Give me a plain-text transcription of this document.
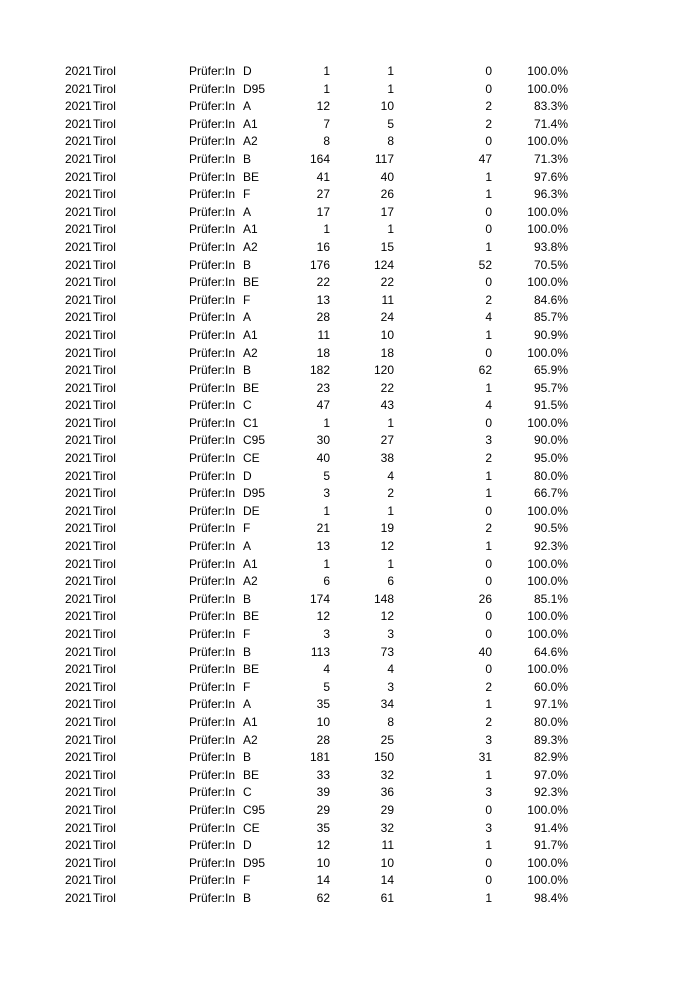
2021 Tirol	Prüfer:In D	1	1	0	100.0%
2021 Tirol	Prüfer:In D95	1	1	0	100.0%
2021 Tirol	Prüfer:In A	12	10	2	83.3%
2021 Tirol	Prüfer:In A1	7	5	2	71.4%
2021 Tirol	Prüfer:In A2	8	8	0	100.0%
2021 Tirol	Prüfer:In B	164	117	47	71.3%
2021 Tirol	Prüfer:In BE	41	40	1	97.6%
2021 Tirol	Prüfer:In F	27	26	1	96.3%
2021 Tirol	Prüfer:In A	17	17	0	100.0%
2021 Tirol	Prüfer:In A1	1	1	0	100.0%
2021 Tirol	Prüfer:In A2	16	15	1	93.8%
2021 Tirol	Prüfer:In B	176	124	52	70.5%
2021 Tirol	Prüfer:In BE	22	22	0	100.0%
2021 Tirol	Prüfer:In F	13	11	2	84.6%
2021 Tirol	Prüfer:In A	28	24	4	85.7%
2021 Tirol	Prüfer:In A1	11	10	1	90.9%
2021 Tirol	Prüfer:In A2	18	18	0	100.0%
2021 Tirol	Prüfer:In B	182	120	62	65.9%
2021 Tirol	Prüfer:In BE	23	22	1	95.7%
2021 Tirol	Prüfer:In C	47	43	4	91.5%
2021 Tirol	Prüfer:In C1	1	1	0	100.0%
2021 Tirol	Prüfer:In C95	30	27	3	90.0%
2021 Tirol	Prüfer:In CE	40	38	2	95.0%
2021 Tirol	Prüfer:In D	5	4	1	80.0%
2021 Tirol	Prüfer:In D95	3	2	1	66.7%
2021 Tirol	Prüfer:In DE	1	1	0	100.0%
2021 Tirol	Prüfer:In F	21	19	2	90.5%
2021 Tirol	Prüfer:In A	13	12	1	92.3%
2021 Tirol	Prüfer:In A1	1	1	0	100.0%
2021 Tirol	Prüfer:In A2	6	6	0	100.0%
2021 Tirol	Prüfer:In B	174	148	26	85.1%
2021 Tirol	Prüfer:In BE	12	12	0	100.0%
2021 Tirol	Prüfer:In F	3	3	0	100.0%
2021 Tirol	Prüfer:In B	113	73	40	64.6%
2021 Tirol	Prüfer:In BE	4	4	0	100.0%
2021 Tirol	Prüfer:In F	5	3	2	60.0%
2021 Tirol	Prüfer:In A	35	34	1	97.1%
2021 Tirol	Prüfer:In A1	10	8	2	80.0%
2021 Tirol	Prüfer:In A2	28	25	3	89.3%
2021 Tirol	Prüfer:In B	181	150	31	82.9%
2021 Tirol	Prüfer:In BE	33	32	1	97.0%
2021 Tirol	Prüfer:In C	39	36	3	92.3%
2021 Tirol	Prüfer:In C95	29	29	0	100.0%
2021 Tirol	Prüfer:In CE	35	32	3	91.4%
2021 Tirol	Prüfer:In D	12	11	1	91.7%
2021 Tirol	Prüfer:In D95	10	10	0	100.0%
2021 Tirol	Prüfer:In F	14	14	0	100.0%
2021 Tirol	Prüfer:In B	62	61	1	98.4%
